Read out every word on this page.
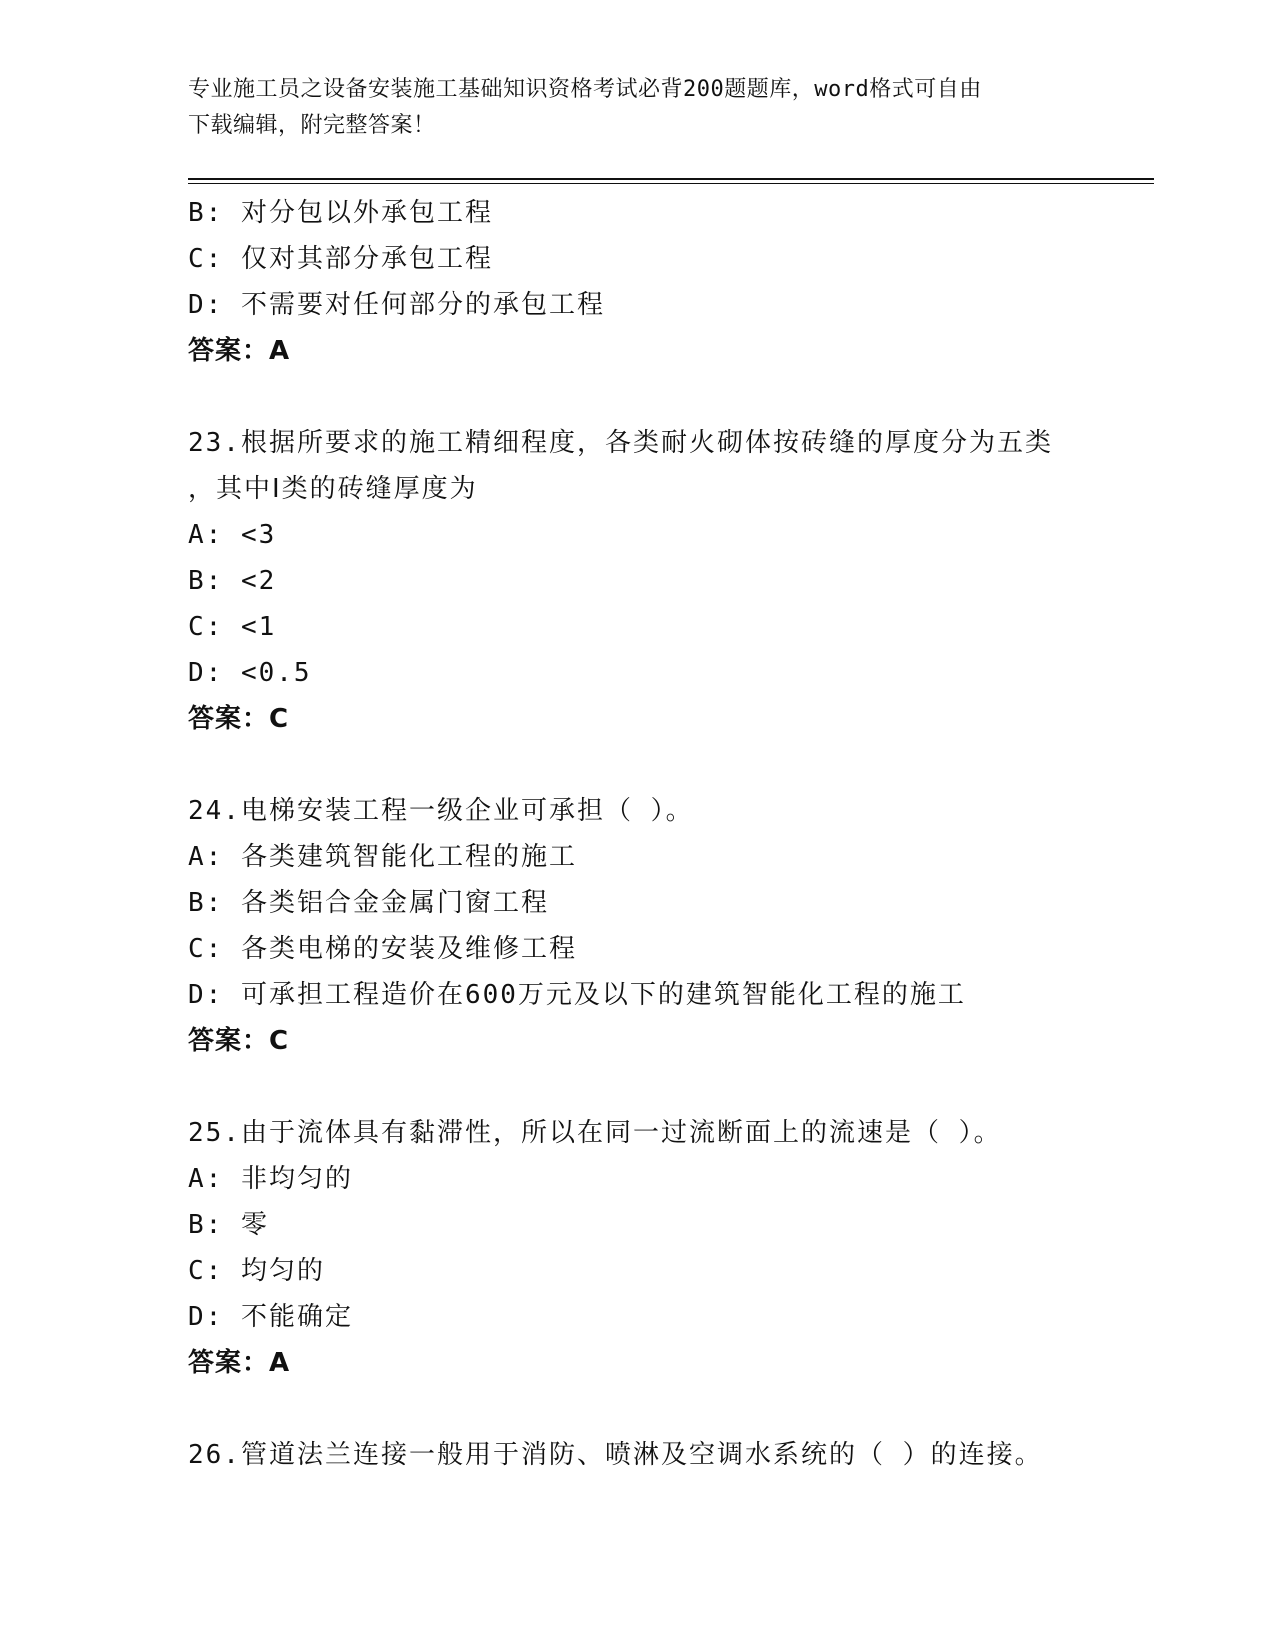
专业施工员之设备安装施工基础知识资格考试必背200题题库，word格式可自由
下载编辑，附完整答案！
B: 对分包以外承包工程
C: 仅对其部分承包工程
D: 不需要对任何部分的承包工程
答案：A
23.根据所要求的施工精细程度，各类耐火砌体按砖缝的厚度分为五类
，其中Ⅰ类的砖缝厚度为
A: <3
B: <2
C: <1
D: <0.5
答案：C
24.电梯安装工程一级企业可承担（ ）。
A: 各类建筑智能化工程的施工
B: 各类铝合金金属门窗工程
C: 各类电梯的安装及维修工程
D: 可承担工程造价在600万元及以下的建筑智能化工程的施工
答案：C
25.由于流体具有黏滞性，所以在同一过流断面上的流速是（ ）。
A: 非均匀的
B: 零
C: 均匀的
D: 不能确定
答案：A
26.管道法兰连接一般用于消防、喷淋及空调水系统的（ ）的连接。
